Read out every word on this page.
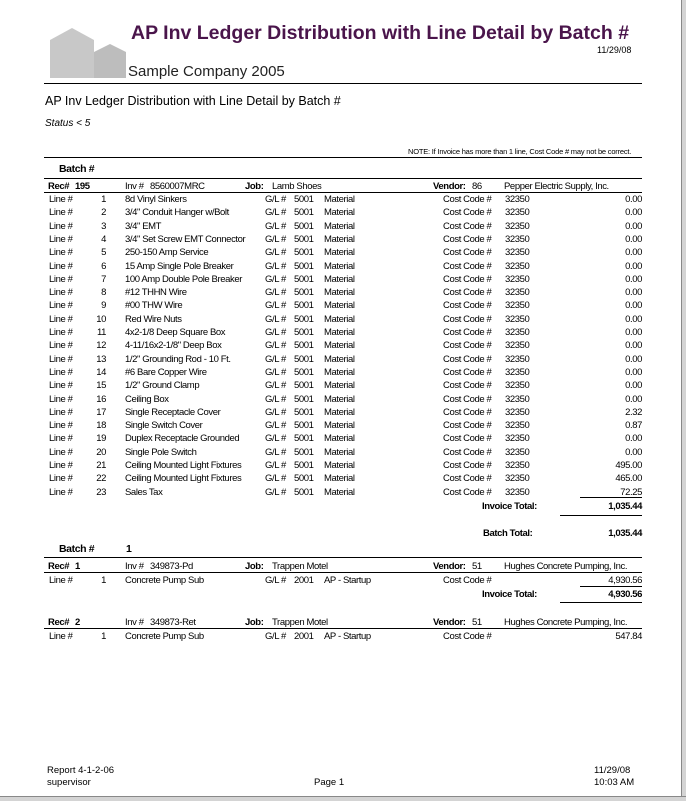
AP Inv Ledger Distribution with Line Detail by Batch #
11/29/08
Sample Company 2005
AP Inv Ledger Distribution with Line Detail by Batch #
Status < 5
NOTE: If Invoice has more than 1 line, Cost Code # may not be correct.
Batch #
Rec# 195	Inv # 8560007MRC	Job: Lamb Shoes	Vendor: 86 Pepper Electric Supply, Inc.
Line #	1 8d Vinyl Sinkers	G/L # 5001 Material	Cost Code # 32350	0.00
Line #	2 3/4" Conduit Hanger w/Bolt	G/L # 5001 Material	Cost Code # 32350	0.00
Line #	3 3/4" EMT	G/L # 5001 Material	Cost Code # 32350	0.00
Line #	4 3/4" Set Screw EMT Connector G/L # 5001 Material	Cost Code # 32350	0.00
Line #	5 250-150 Amp Service	G/L # 5001 Material	Cost Code # 32350	0.00
Line #	6 15 Amp Single Pole Breaker	G/L # 5001 Material	Cost Code # 32350	0.00
Line #	7 100 Amp Double Pole Breaker G/L # 5001 Material	Cost Code # 32350	0.00
Line #	8 #12 THHN Wire	G/L # 5001 Material	Cost Code # 32350	0.00
Line #	9 #00 THW Wire	G/L # 5001 Material	Cost Code # 32350	0.00
Line #	10 Red Wire Nuts	G/L # 5001 Material	Cost Code # 32350	0.00
Line #	11 4x2-1/8 Deep Square Box	G/L # 5001 Material	Cost Code # 32350	0.00
Line #	12 4-11/16x2-1/8" Deep Box	G/L # 5001 Material	Cost Code # 32350	0.00
Line #	13 1/2" Grounding Rod - 10 Ft.	G/L # 5001 Material	Cost Code # 32350	0.00
Line #	14 #6 Bare Copper Wire	G/L # 5001 Material	Cost Code # 32350	0.00
Line #	15 1/2" Ground Clamp	G/L # 5001 Material	Cost Code # 32350	0.00
Line #	16 Ceiling Box	G/L # 5001 Material	Cost Code # 32350	0.00
Line #	17 Single Receptacle Cover	G/L # 5001 Material	Cost Code # 32350	2.32
Line #	18 Single Switch Cover	G/L # 5001 Material	Cost Code # 32350	0.87
Line #	19 Duplex Receptacle Grounded	G/L # 5001 Material	Cost Code # 32350	0.00
Line #	20 Single Pole Switch	G/L # 5001 Material	Cost Code # 32350	0.00
Line #	21 Ceiling Mounted Light Fixtures G/L # 5001 Material	Cost Code # 32350	495.00
Line #	22 Ceiling Mounted Light Fixtures G/L # 5001 Material	Cost Code # 32350	465.00
Line #	23 Sales Tax	G/L # 5001 Material	Cost Code # 32350	72.25
Invoice Total:	1,035.44
Batch Total:	1,035.44
Batch #	1
Rec# 1	Inv # 349873-Pd	Job: Trappen Motel	Vendor: 51 Hughes Concrete Pumping, Inc.
Line #	1 Concrete Pump Sub	G/L # 2001 AP - Startup	Cost Code #	4,930.56
Invoice Total:	4,930.56
Rec# 2	Inv # 349873-Ret	Job: Trappen Motel	Vendor: 51 Hughes Concrete Pumping, Inc.
Line #	1 Concrete Pump Sub	G/L # 2001 AP - Startup	Cost Code #	547.84
Report 4-1-2-06
supervisor	Page 1
11/29/08
10:03 AM
